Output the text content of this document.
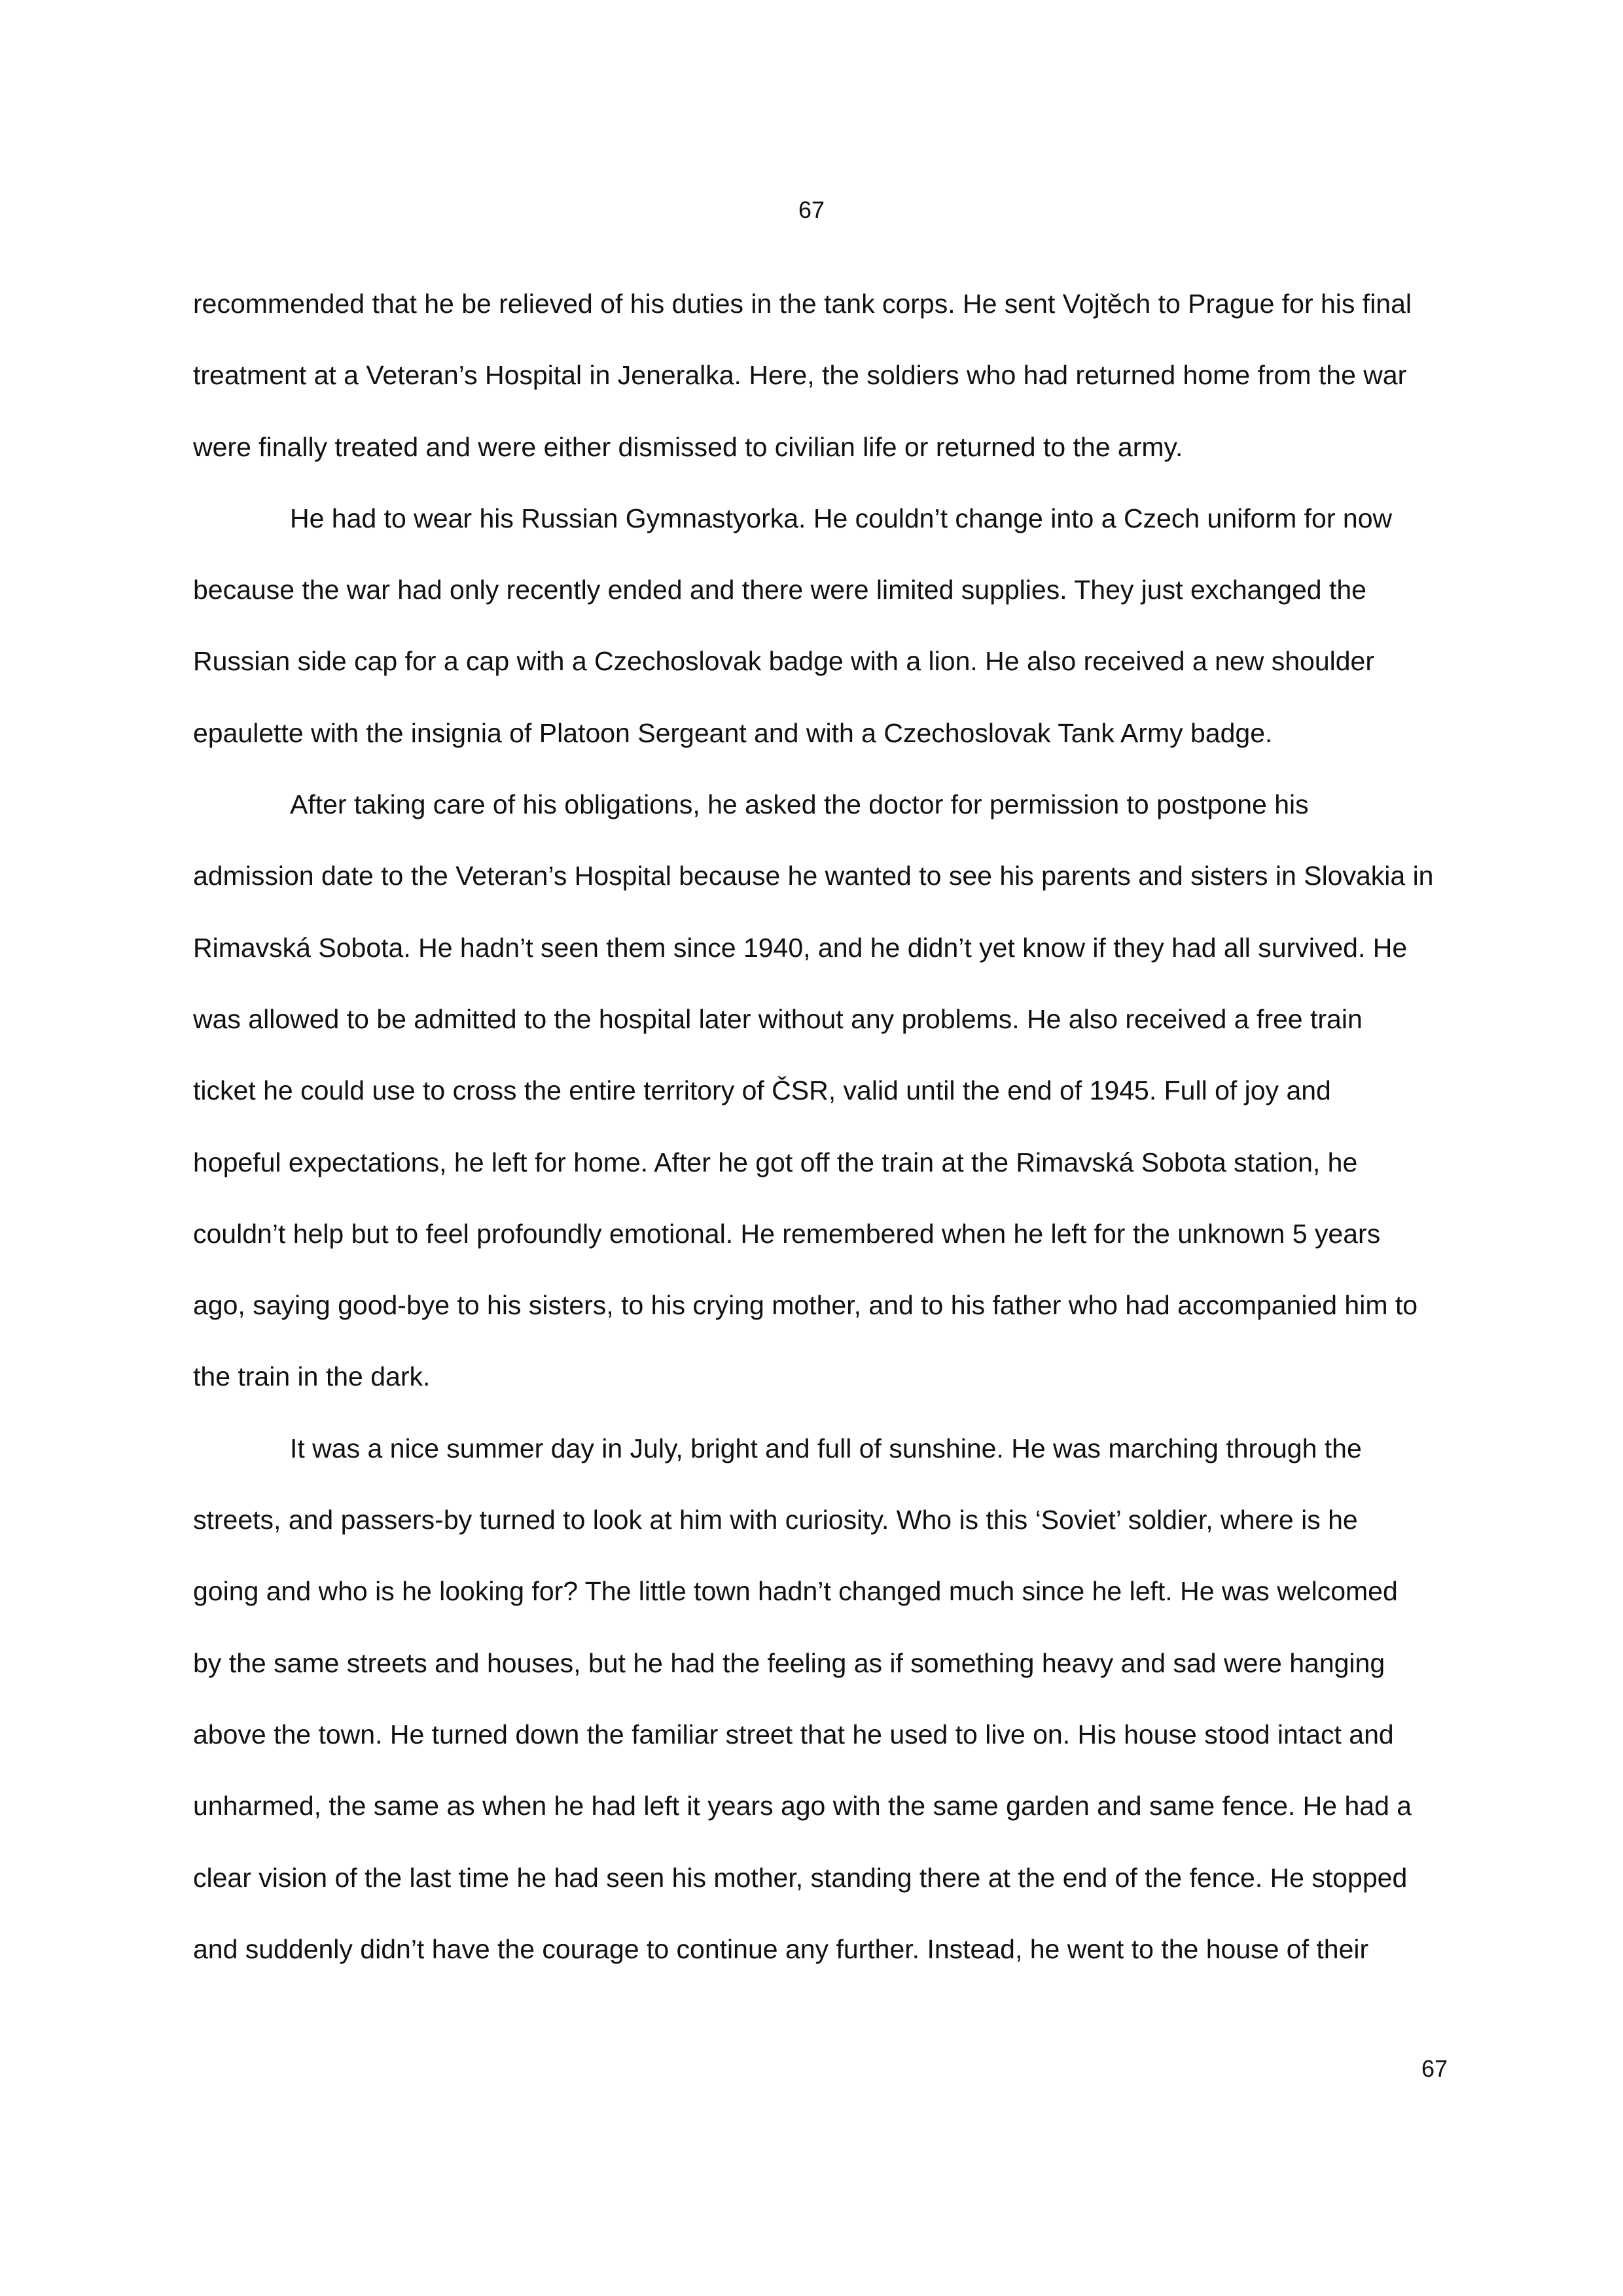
67
recommended that he be relieved of his duties in the tank corps. He sent Vojtěch to Prague for his final
treatment at a Veteran’s Hospital in Jeneralka. Here, the soldiers who had returned home from the war
were finally treated and were either dismissed to civilian life or returned to the army.
He had to wear his Russian Gymnastyorka. He couldn’t change into a Czech uniform for now
because the war had only recently ended and there were limited supplies. They just exchanged the
Russian side cap for a cap with a Czechoslovak badge with a lion. He also received a new shoulder
epaulette with the insignia of Platoon Sergeant and with a Czechoslovak Tank Army badge.
After taking care of his obligations, he asked the doctor for permission to postpone his
admission date to the Veteran’s Hospital because he wanted to see his parents and sisters in Slovakia in
Rimavská Sobota. He hadn’t seen them since 1940, and he didn’t yet know if they had all survived. He
was allowed to be admitted to the hospital later without any problems. He also received a free train
ticket he could use to cross the entire territory of ČSR, valid until the end of 1945. Full of joy and
hopeful expectations, he left for home. After he got off the train at the Rimavská Sobota station, he
couldn’t help but to feel profoundly emotional. He remembered when he left for the unknown 5 years
ago, saying good-bye to his sisters, to his crying mother, and to his father who had accompanied him to
the train in the dark.
It was a nice summer day in July, bright and full of sunshine. He was marching through the
streets, and passers-by turned to look at him with curiosity. Who is this ‘Soviet’ soldier, where is he
going and who is he looking for? The little town hadn’t changed much since he left. He was welcomed
by the same streets and houses, but he had the feeling as if something heavy and sad were hanging
above the town. He turned down the familiar street that he used to live on. His house stood intact and
unharmed, the same as when he had left it years ago with the same garden and same fence. He had a
clear vision of the last time he had seen his mother, standing there at the end of the fence. He stopped
and suddenly didn’t have the courage to continue any further. Instead, he went to the house of their
67
